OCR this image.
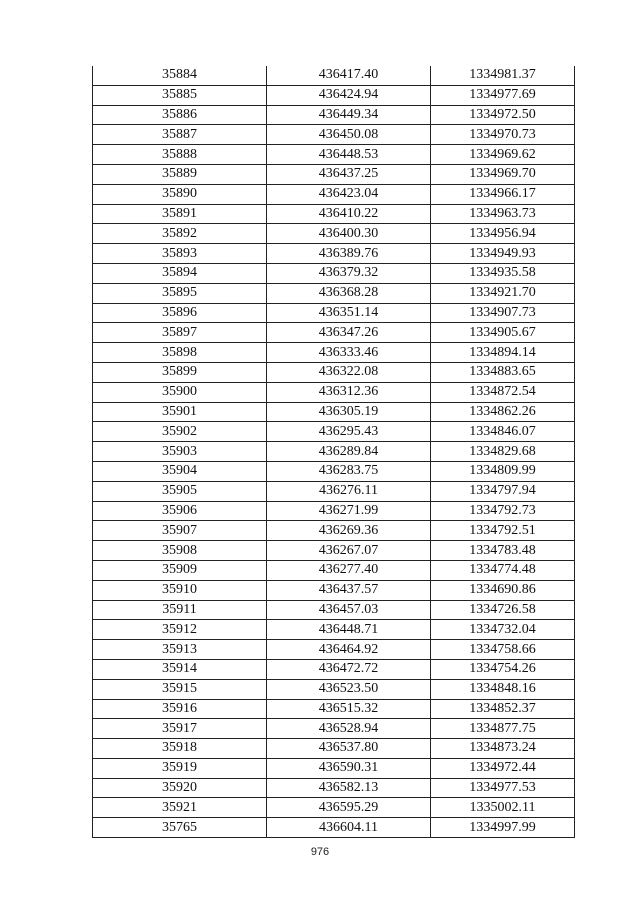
35884	436417.40	1334981.37
35885	436424.94	1334977.69
35886	436449.34	1334972.50
35887	436450.08	1334970.73
35888	436448.53	1334969.62
35889	436437.25	1334969.70
35890	436423.04	1334966.17
35891	436410.22	1334963.73
35892	436400.30	1334956.94
35893	436389.76	1334949.93
35894	436379.32	1334935.58
35895	436368.28	1334921.70
35896	436351.14	1334907.73
35897	436347.26	1334905.67
35898	436333.46	1334894.14
35899	436322.08	1334883.65
35900	436312.36	1334872.54
35901	436305.19	1334862.26
35902	436295.43	1334846.07
35903	436289.84	1334829.68
35904	436283.75	1334809.99
35905	436276.11	1334797.94
35906	436271.99	1334792.73
35907	436269.36	1334792.51
35908	436267.07	1334783.48
35909	436277.40	1334774.48
35910	436437.57	1334690.86
35911	436457.03	1334726.58
35912	436448.71	1334732.04
35913	436464.92	1334758.66
35914	436472.72	1334754.26
35915	436523.50	1334848.16
35916	436515.32	1334852.37
35917	436528.94	1334877.75
35918	436537.80	1334873.24
35919	436590.31	1334972.44
35920	436582.13	1334977.53
35921	436595.29	1335002.11
35765	436604.11	1334997.99
976
